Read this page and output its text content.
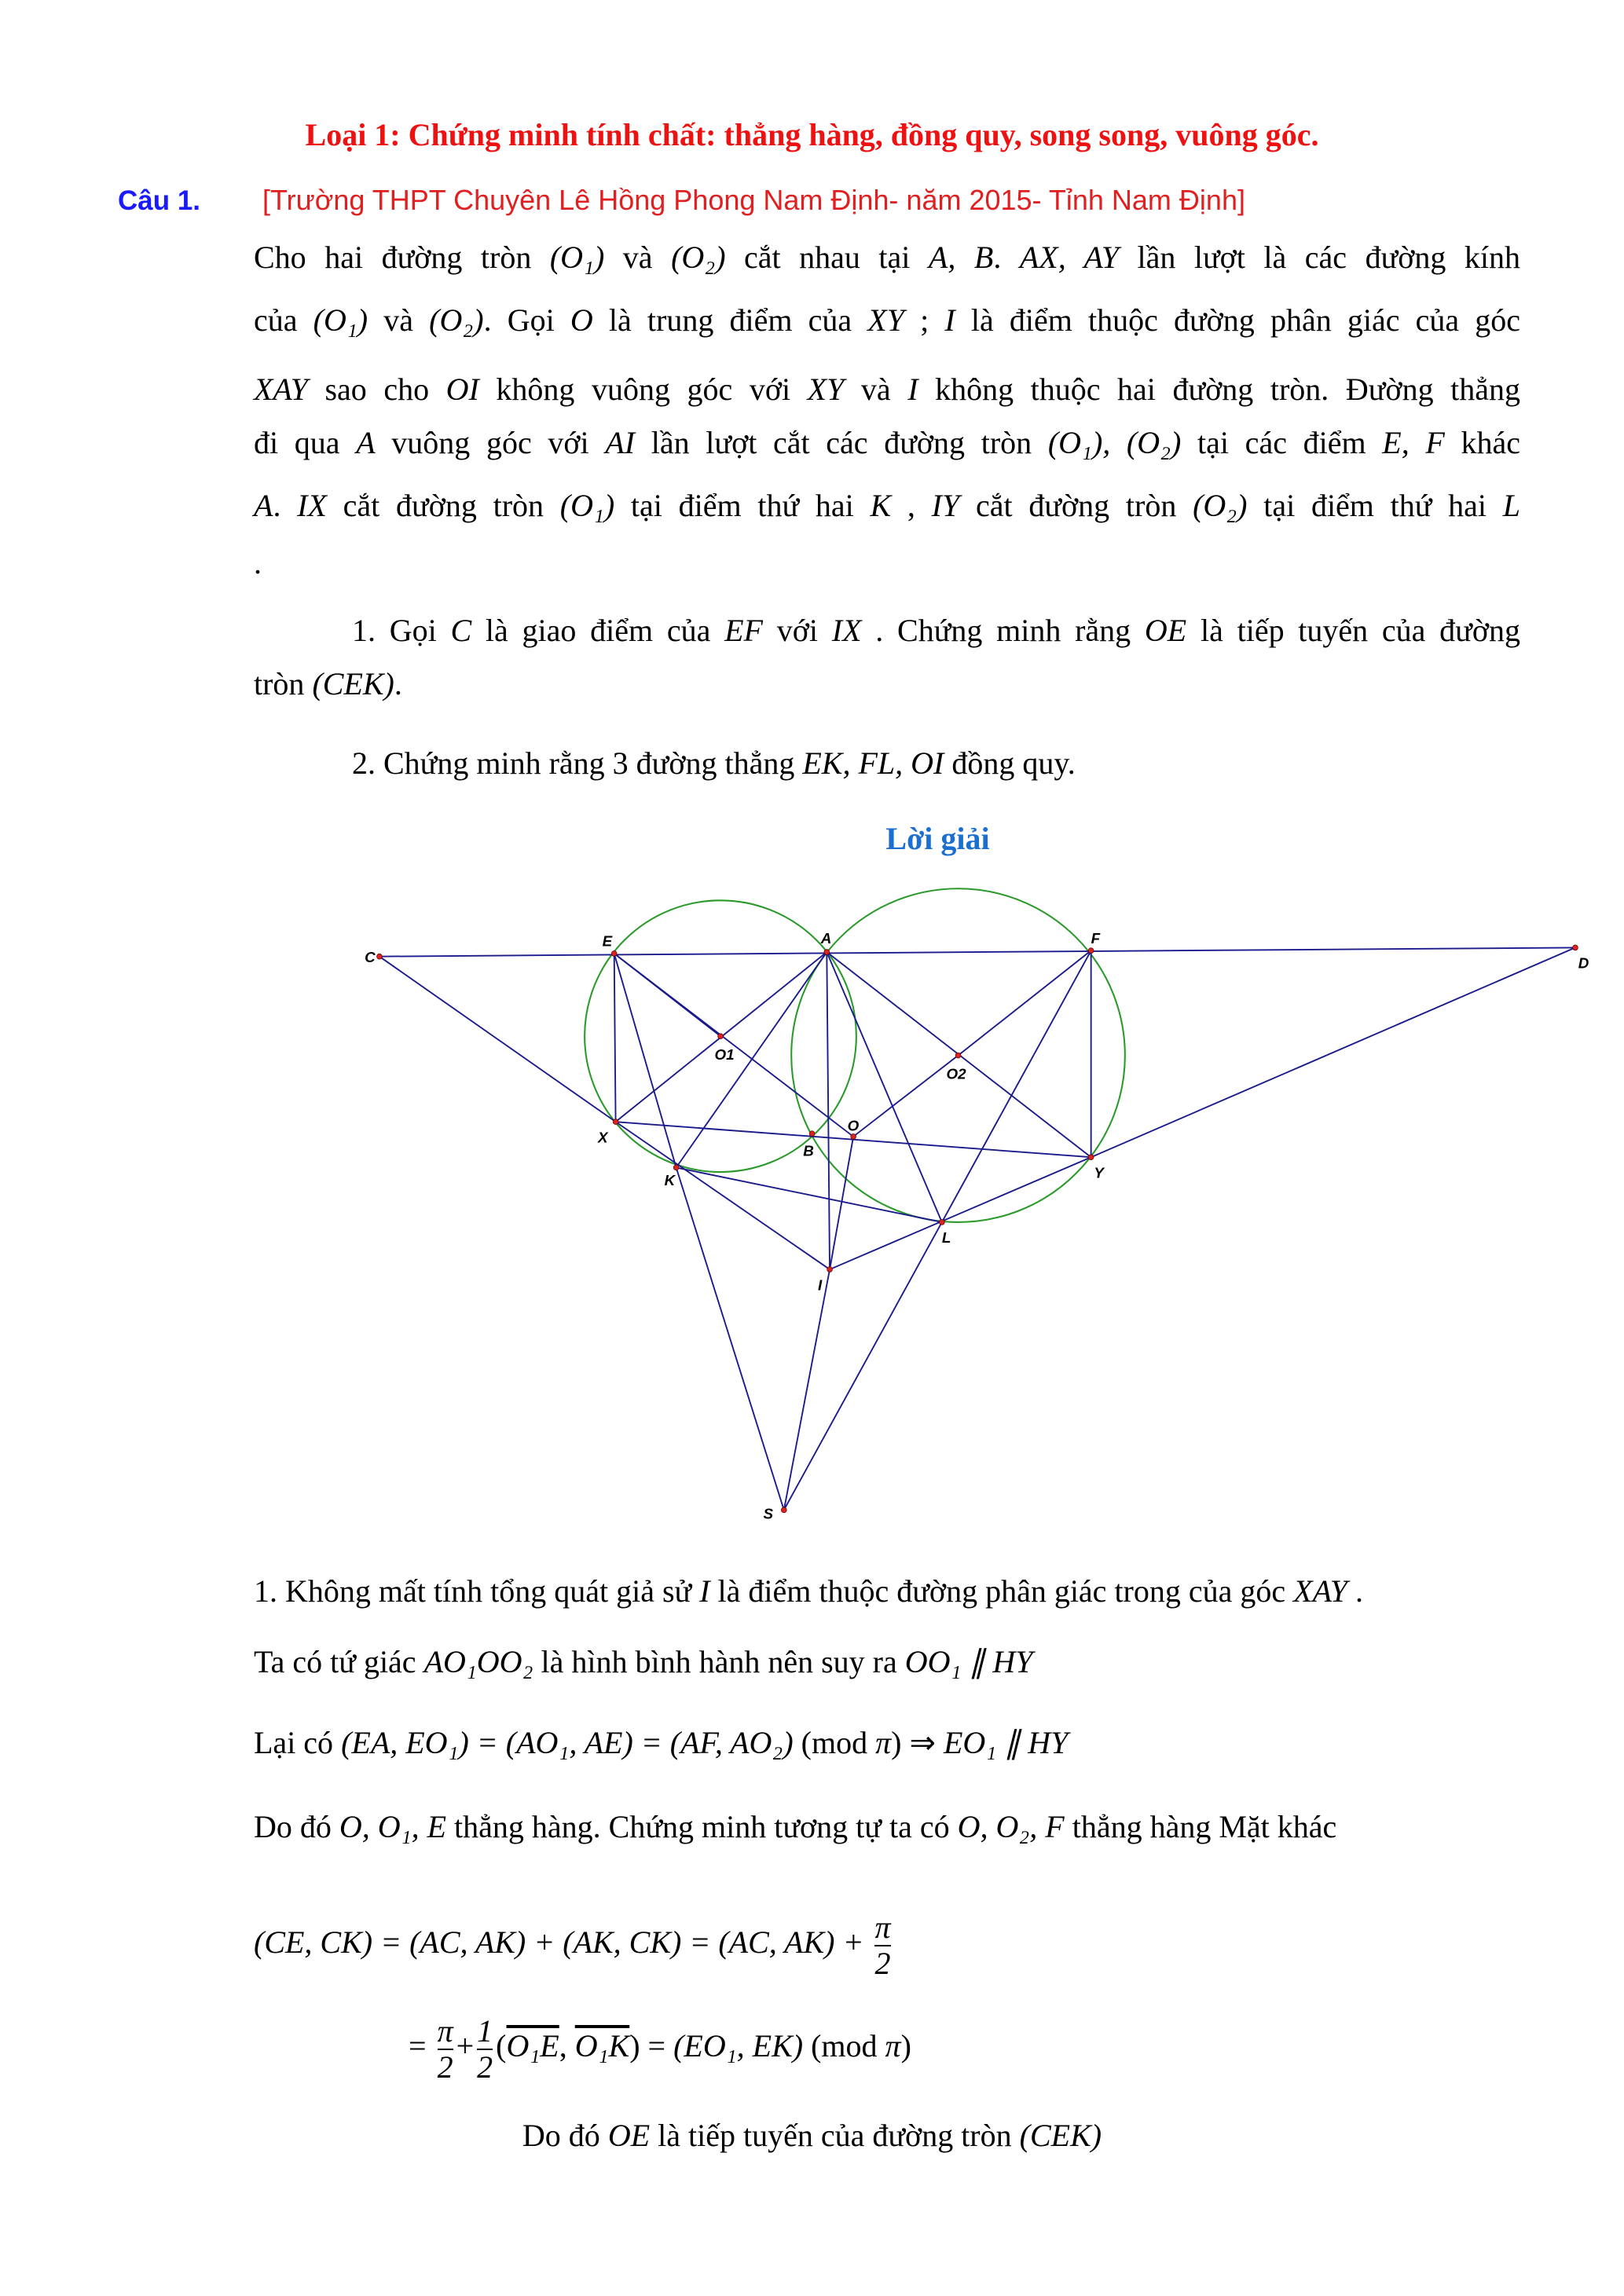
Loại 1: Chứng minh tính chất: thẳng hàng, đồng quy, song song, vuông góc.
Câu 1. [Trường THPT Chuyên Lê Hồng Phong Nam Định- năm 2015- Tỉnh Nam Định]
Cho hai đường tròn (O₁) và (O₂) cắt nhau tại A, B. AX, AY lần lượt là các đường kính
của (O₁) và (O₂). Gọi O là trung điểm của XY ; I là điểm thuộc đường phân giác của góc
XAY sao cho OI không vuông góc với XY và I không thuộc hai đường tròn. Đường thẳng
đi qua A vuông góc với AI lần lượt cắt các đường tròn (O₁), (O₂) tại các điểm E, F khác
A. IX cắt đường tròn (O₁) tại điểm thứ hai K , IY cắt đường tròn (O₂) tại điểm thứ hai L
.
1. Gọi C là giao điểm của EF với IX . Chứng minh rằng OE là tiếp tuyến của đường
tròn (CEK).
2. Chứng minh rằng 3 đường thẳng EK, FL, OI đồng quy.
Lời giải
C
E	A	F
D
O1
O2
X
B
O
Y
K
L
I
S
1. Không mất tính tổng quát giả sử I là điểm thuộc đường phân giác trong của góc XAY .
Ta có tứ giác AO₁OO₂ là hình bình hành nên suy ra OO₁ ∥ HY
Lại có (EA, EO₁) = (AO₁, AE) = (AF, AO₂) (mod π) ⇒ EO₁ ∥ HY
Do đó O, O₁, E thẳng hàng. Chứng minh tương tự ta có O, O₂, F thẳng hàng Mặt khác
(CE, CK) = (AC, AK) + (AK, CK) = (AC, $AK) + \frac{\pi}{2}$
= $\frac{\pi}{2} + \frac{1}{2} (O_1E$, O₁K) = (EO₁, EK) (mod π)
Do đó OE là tiếp tuyến của đường tròn (CEK)
